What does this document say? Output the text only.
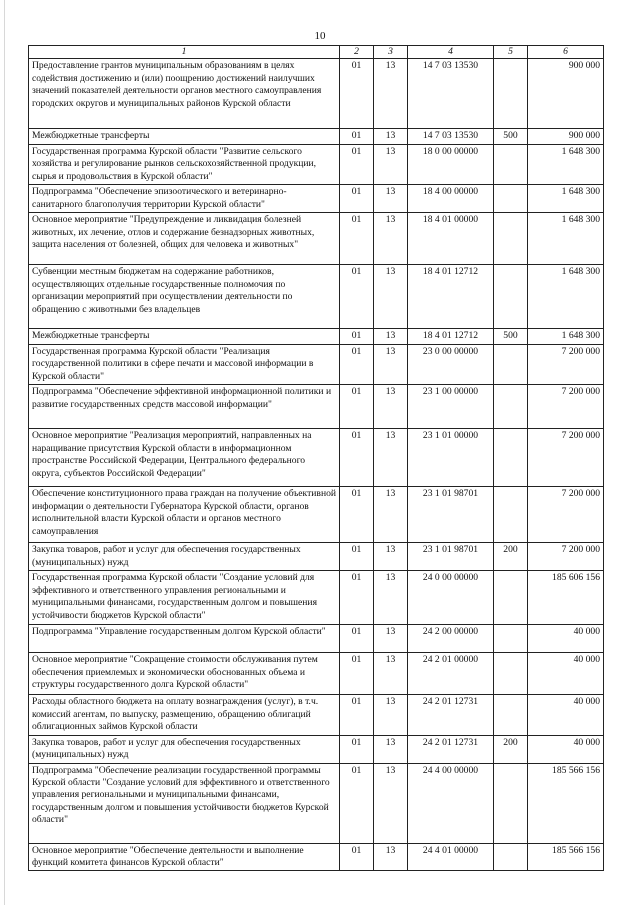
10
1	2	3	4	5	6
Предоставление грантов муниципальным образованиям в целях содействия достижению и (или) поощрению достижений наилучших значений показателей деятельности органов местного самоуправления городских округов и муниципальных районов Курской области	01	13	14 7 03 13530		900 000
Межбюджетные трансферты	01	13	14 7 03 13530	500	900 000
Государственная программа Курской области "Развитие сельского хозяйства и регулирование рынков сельскохозяйственной продукции, сырья и продовольствия в Курской области"	01	13	18 0 00 00000		1 648 300
Подпрограмма "Обеспечение эпизоотического и ветеринарно-санитарного благополучия территории Курской области"	01	13	18 4 00 00000		1 648 300
Основное мероприятие "Предупреждение и ликвидация болезней животных, их лечение, отлов и содержание безнадзорных животных, защита населения от болезней, общих для человека и животных"	01	13	18 4 01 00000		1 648 300
Субвенции местным бюджетам на содержание работников, осуществляющих отдельные государственные полномочия по организации мероприятий при осуществлении деятельности по обращению с животными без владельцев	01	13	18 4 01 12712		1 648 300
Межбюджетные трансферты	01	13	18 4 01 12712	500	1 648 300
Государственная программа Курской области "Реализация государственной политики в сфере печати и массовой информации в Курской области"	01	13	23 0 00 00000		7 200 000
Подпрограмма "Обеспечение эффективной информационной политики и развитие государственных средств массовой информации"	01	13	23 1 00 00000		7 200 000
Основное мероприятие "Реализация мероприятий, направленных на наращивание присутствия Курской области в информационном пространстве Российской Федерации, Центрального федерального округа, субъектов Российской Федерации"	01	13	23 1 01 00000		7 200 000
Обеспечение конституционного права граждан на получение объективной информации о деятельности Губернатора Курской области, органов исполнительной власти Курской области и органов местного самоуправления	01	13	23 1 01 98701		7 200 000
Закупка товаров, работ и услуг для обеспечения государственных (муниципальных) нужд	01	13	23 1 01 98701	200	7 200 000
Государственная программа Курской области "Создание условий для эффективного и ответственного управления региональными и муниципальными финансами, государственным долгом и повышения устойчивости бюджетов Курской области"	01	13	24 0 00 00000		185 606 156
Подпрограмма "Управление государственным долгом Курской области"	01	13	24 2 00 00000		40 000
Основное мероприятие "Сокращение стоимости обслуживания путем обеспечения приемлемых и экономически обоснованных объема и структуры государственного долга Курской области"	01	13	24 2 01 00000		40 000
Расходы областного бюджета на оплату вознаграждения (услуг), в т.ч. комиссий агентам, по выпуску, размещению, обращению облигаций облигационных займов Курской области	01	13	24 2 01 12731		40 000
Закупка товаров, работ и услуг для обеспечения государственных (муниципальных) нужд	01	13	24 2 01 12731	200	40 000
Подпрограмма "Обеспечение реализации государственной программы Курской области "Создание условий для эффективного и ответственного управления региональными и муниципальными финансами, государственным долгом и повышения устойчивости бюджетов Курской области"	01	13	24 4 00 00000		185 566 156
Основное мероприятие "Обеспечение деятельности и выполнение функций комитета финансов Курской области"	01	13	24 4 01 00000		185 566 156
